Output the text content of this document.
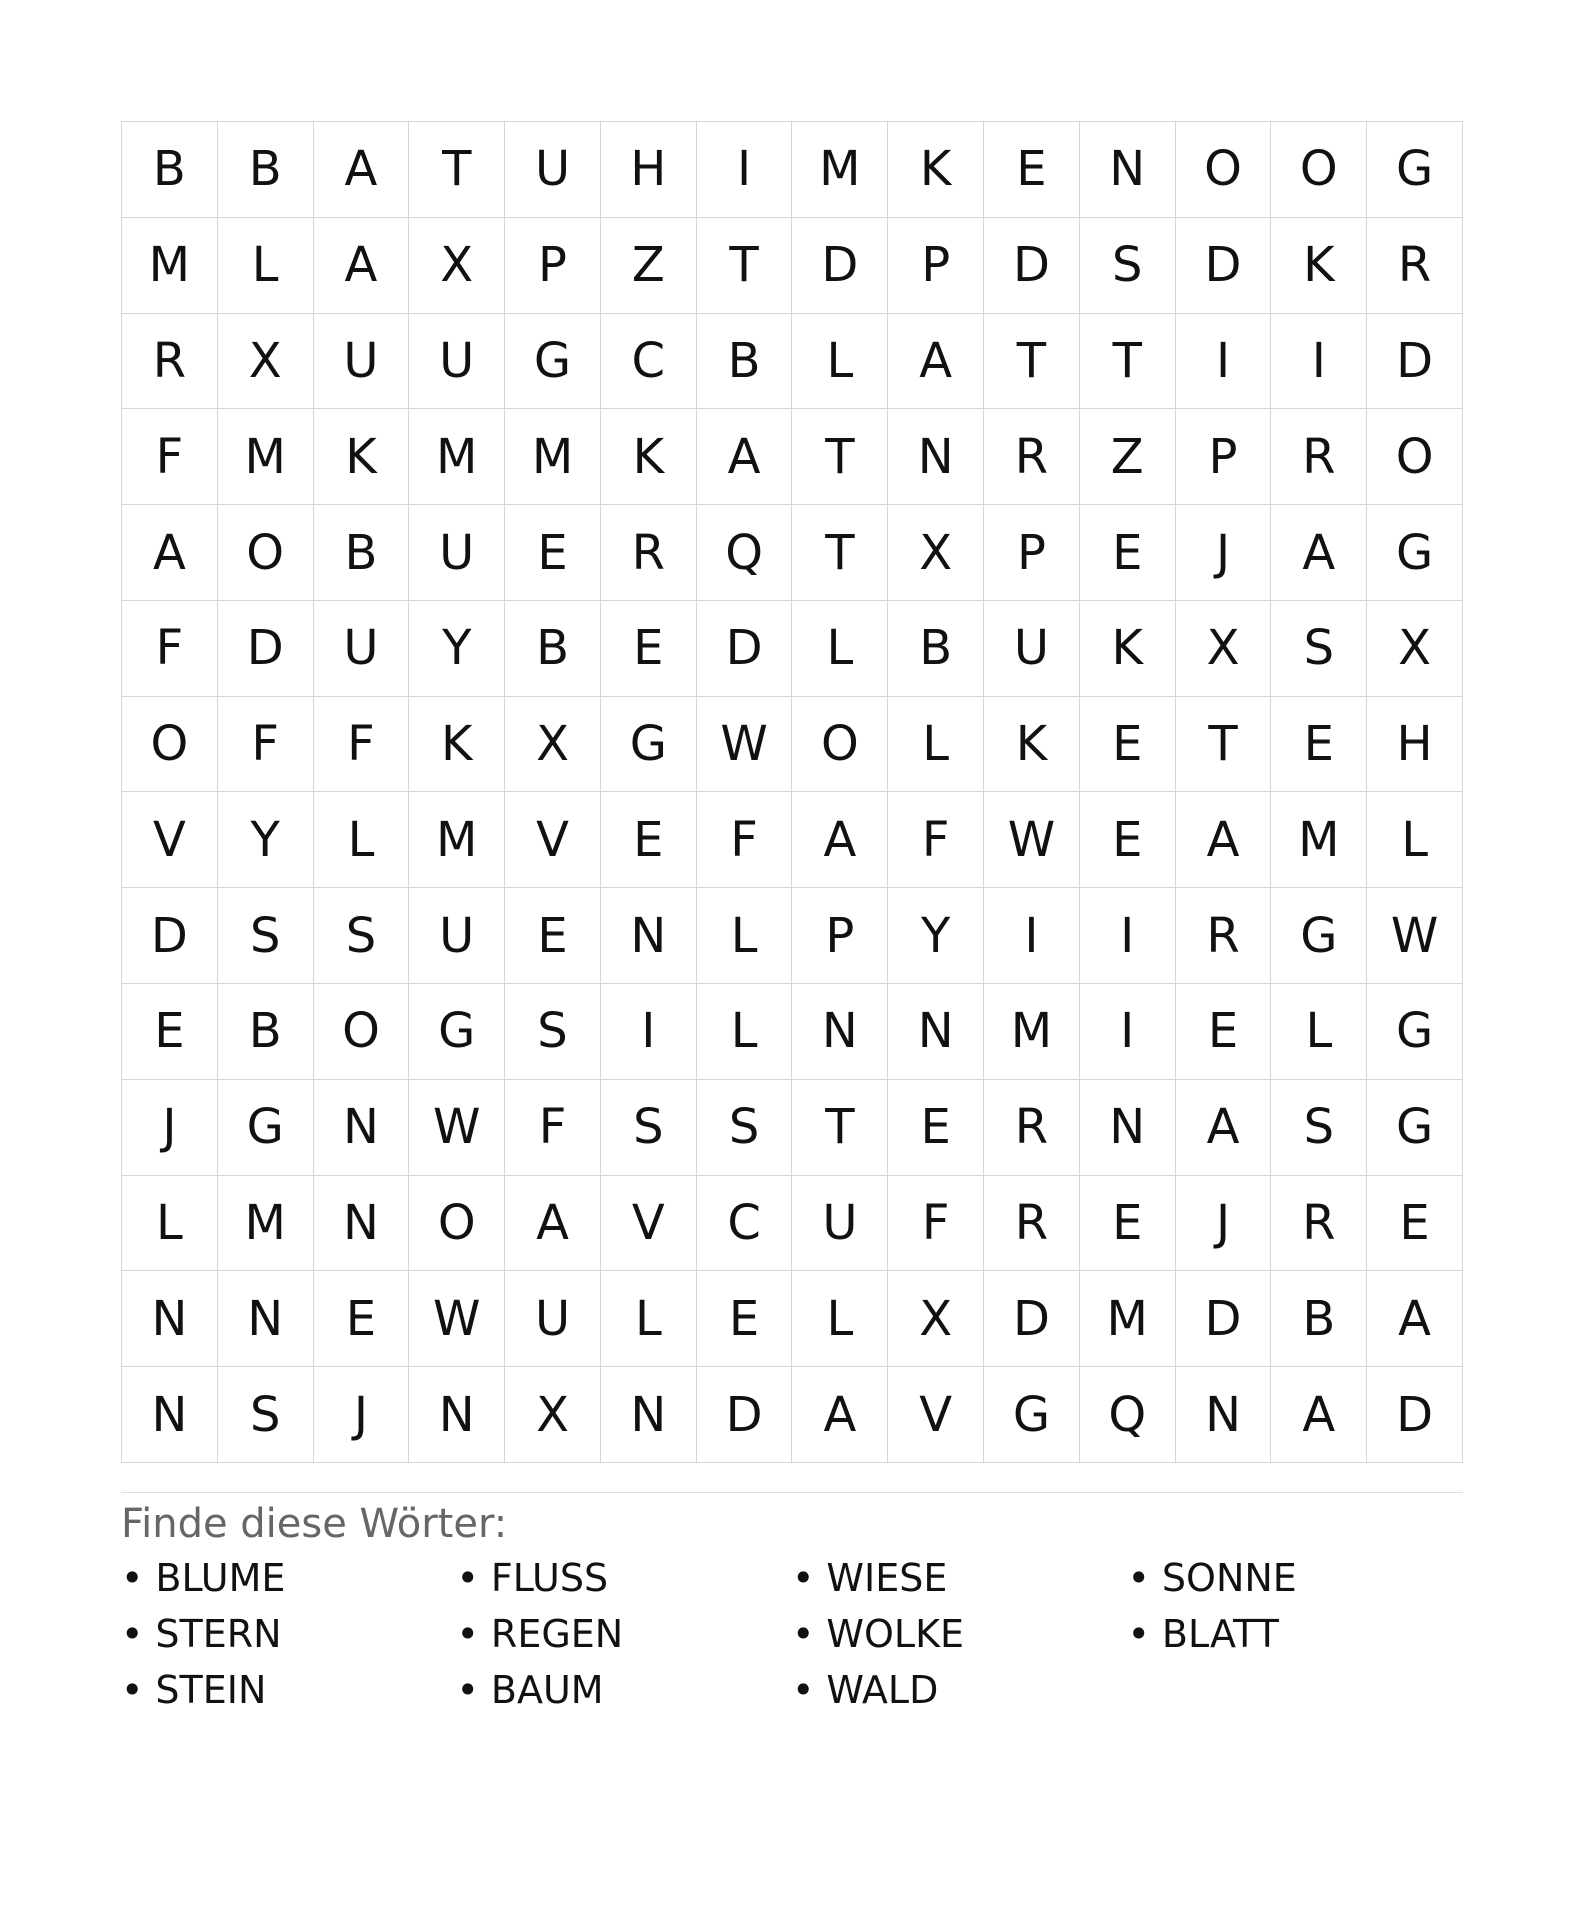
B	B	A	T	U	H	I	M	K	E	N	O	O	G
M	L	A	X	P	Z	T	D	P	D	S	D	K	R
R	X	U	U	G	C	B	L	A	T	T	I	I	D
F	M	K	M	M	K	A	T	N	R	Z	P	R	O
A	O	B	U	E	R	Q	T	X	P	E	J	A	G
F	D	U	Y	B	E	D	L	B	U	K	X	S	X
O	F	F	K	X	G	W	O	L	K	E	T	E	H
V	Y	L	M	V	E	F	A	F	W	E	A	M	L
D	S	S	U	E	N	L	P	Y	I	I	R	G	W
E	B	O	G	S	I	L	N	N	M	I	E	L	G
J	G	N	W	F	S	S	T	E	R	N	A	S	G
L	M	N	O	A	V	C	U	F	R	E	J	R	E
N	N	E	W	U	L	E	L	X	D	M	D	B	A
N	S	J	N	X	N	D	A	V	G	Q	N	A	D
Finde diese Wörter:
• BLUME	• FLUSS	• WIESE	• SONNE
• STERN	• REGEN	• WOLKE	• BLATT
• STEIN	• BAUM	• WALD
